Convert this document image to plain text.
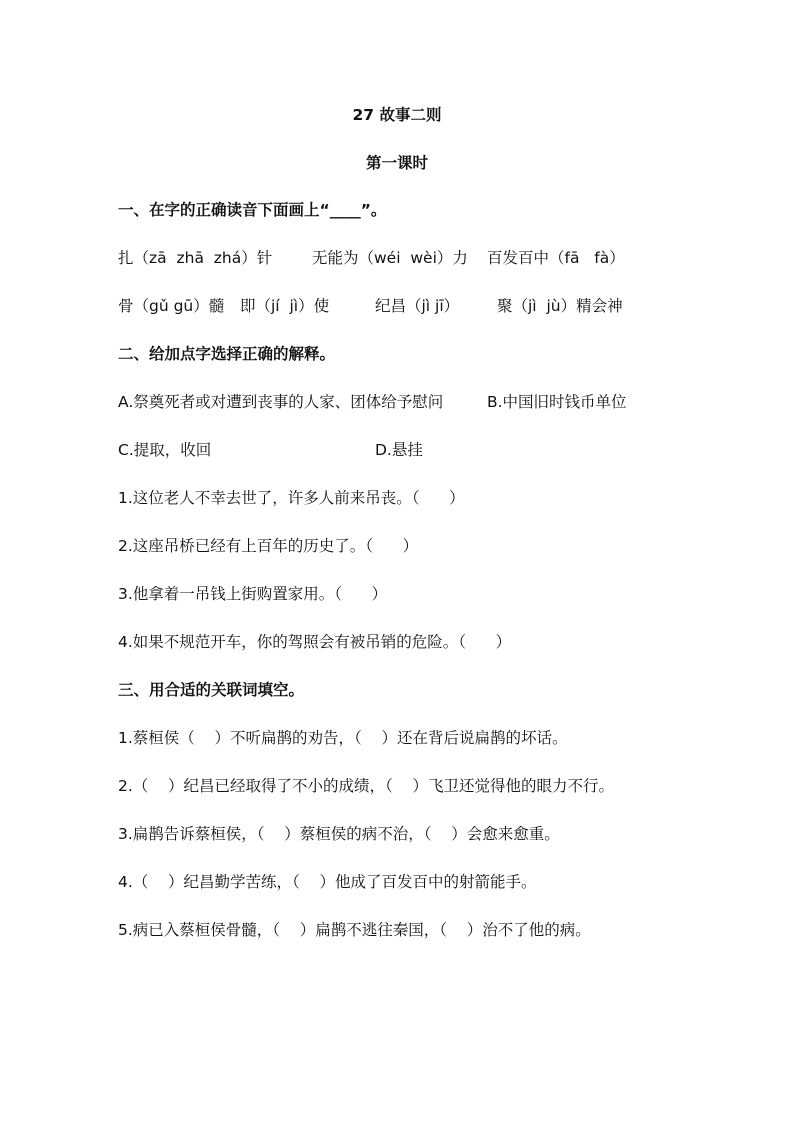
27 故事二则
第一课时
一、在字的正确读音下面画上“____”。
扎（zā  zhā  zhá）针	无能为（wéi  wèi）力 百发百中（fā   fà）
骨（gǔ gū）髓 即（jí  jì）使	纪昌（jì jī） 聚（jì  jù）精会神
二、给加点字选择正确的解释。
A.祭奠死者或对遭到丧事的人家、团体给予慰问	B.中国旧时钱币单位
C.提取，收回	D.悬挂
1.这位老人不幸去世了，许多人前来吊丧。（      ）
2.这座吊桥已经有上百年的历史了。（      ）
3.他拿着一吊钱上街购置家用。（      ）
4.如果不规范开车，你的驾照会有被吊销的危险。（      ）
三、用合适的关联词填空。
1.蔡桓侯（    ）不听扁鹊的劝告，（    ）还在背后说扁鹊的坏话。
2.（    ）纪昌已经取得了不小的成绩，（    ）飞卫还觉得他的眼力不行。
3.扁鹊告诉蔡桓侯，（    ）蔡桓侯的病不治，（    ）会愈来愈重。
4.（    ）纪昌勤学苦练，（    ）他成了百发百中的射箭能手。
5.病已入蔡桓侯骨髓，（    ）扁鹊不逃往秦国，（    ）治不了他的病。
